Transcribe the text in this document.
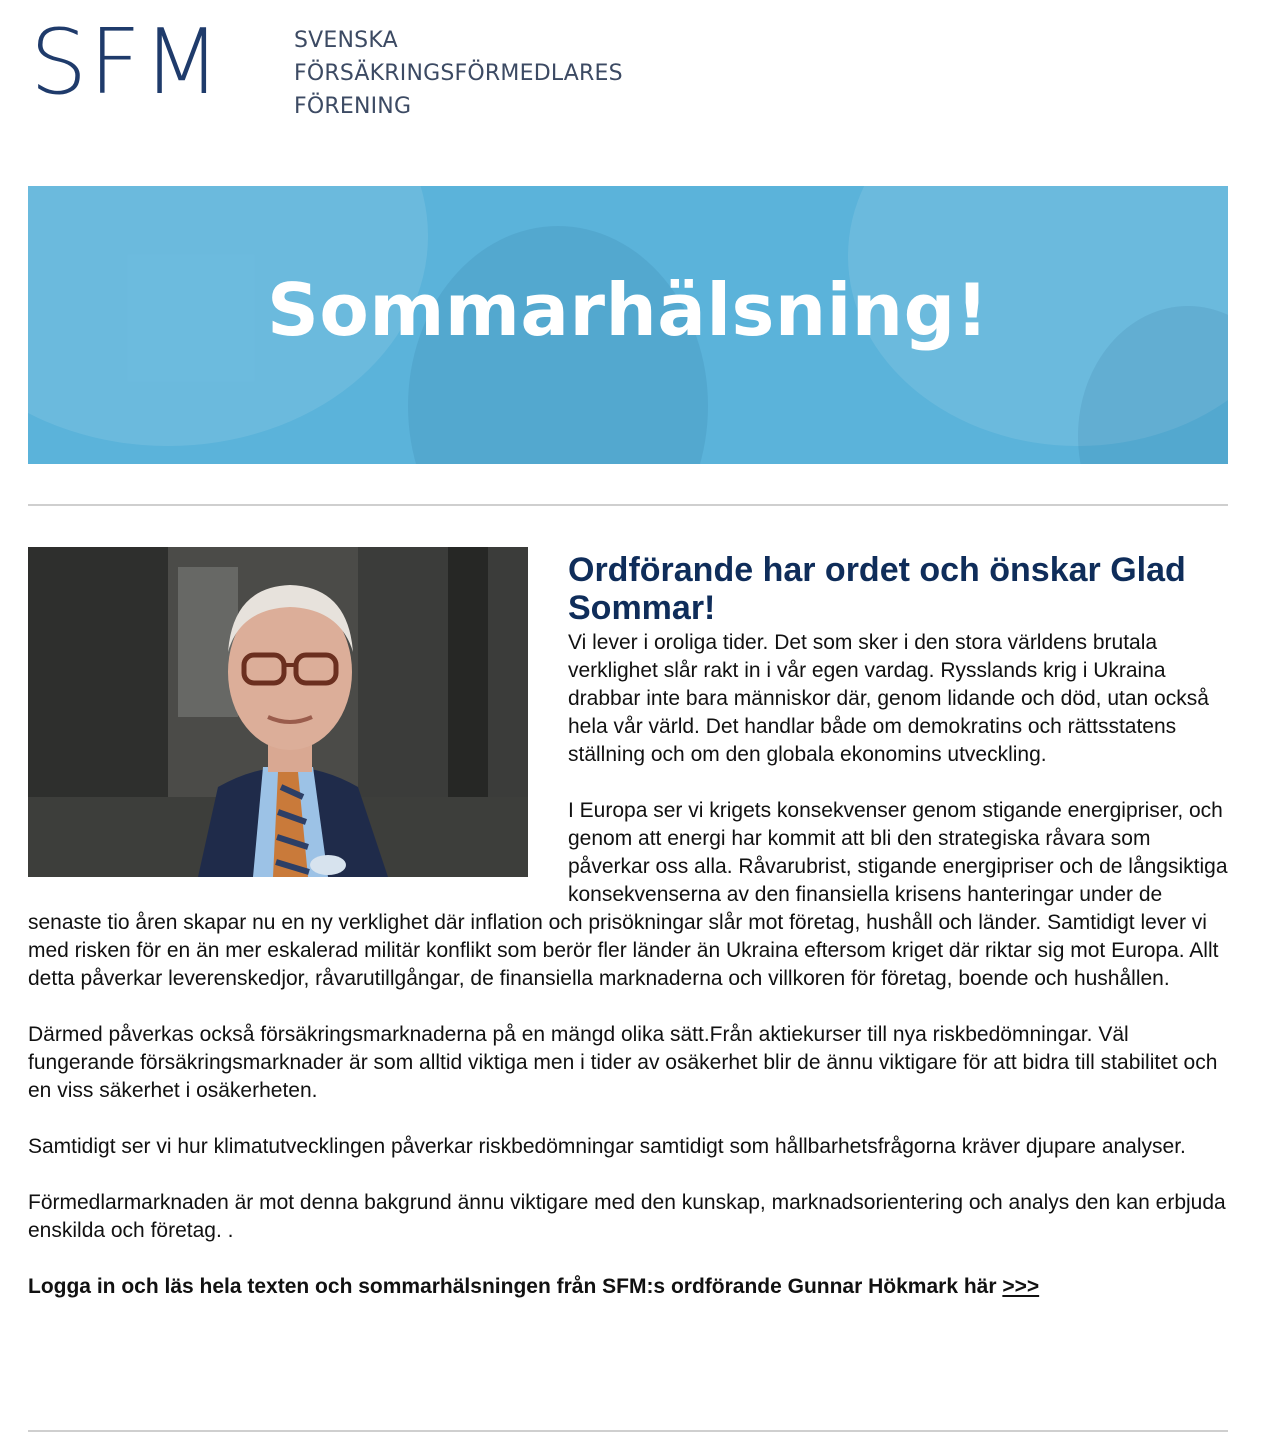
SFM	SVENSKA
FÖRSÄKRINGSFÖRMEDLARES
FÖRENING
Sommarhälsning!
Ordförande har ordet och önskar Glad Sommar!

Vi lever i oroliga tider. Det som sker i den stora världens brutala verklighet slår rakt in i vår egen vardag. Rysslands krig i Ukraina drabbar inte bara människor där, genom lidande och död, utan också hela vår värld. Det handlar både om demokratins och rättsstatens ställning och om den globala ekonomins utveckling.

I Europa ser vi krigets konsekvenser genom stigande energipriser, och genom att energi har kommit att bli den strategiska råvara som påverkar oss alla. Råvarubrist, stigande energipriser och de långsiktiga konsekvenserna av den finansiella krisens hanteringar under de senaste tio åren skapar nu en ny verklighet där inflation och prisökningar slår mot företag, hushåll och länder. Samtidigt lever vi med risken för en än mer eskalerad militär konflikt som berör fler länder än Ukraina eftersom kriget där riktar sig mot Europa. Allt detta påverkar leverenskedjor, råvarutillgångar, de finansiella marknaderna och villkoren för företag, boende och hushållen.

Därmed påverkas också försäkringsmarknaderna på en mängd olika sätt.Från aktiekurser till nya riskbedömningar. Väl fungerande försäkringsmarknader är som alltid viktiga men i tider av osäkerhet blir de ännu viktigare för att bidra till stabilitet och en viss säkerhet i osäkerheten.

Samtidigt ser vi hur klimatutvecklingen påverkar riskbedömningar samtidigt som hållbarhetsfrågorna kräver djupare analyser.

Förmedlarmarknaden är mot denna bakgrund ännu viktigare med den kunskap, marknadsorientering och analys den kan erbjuda enskilda och företag. .

Logga in och läs hela texten och sommarhälsningen från SFM:s ordförande Gunnar Hökmark här >>>
